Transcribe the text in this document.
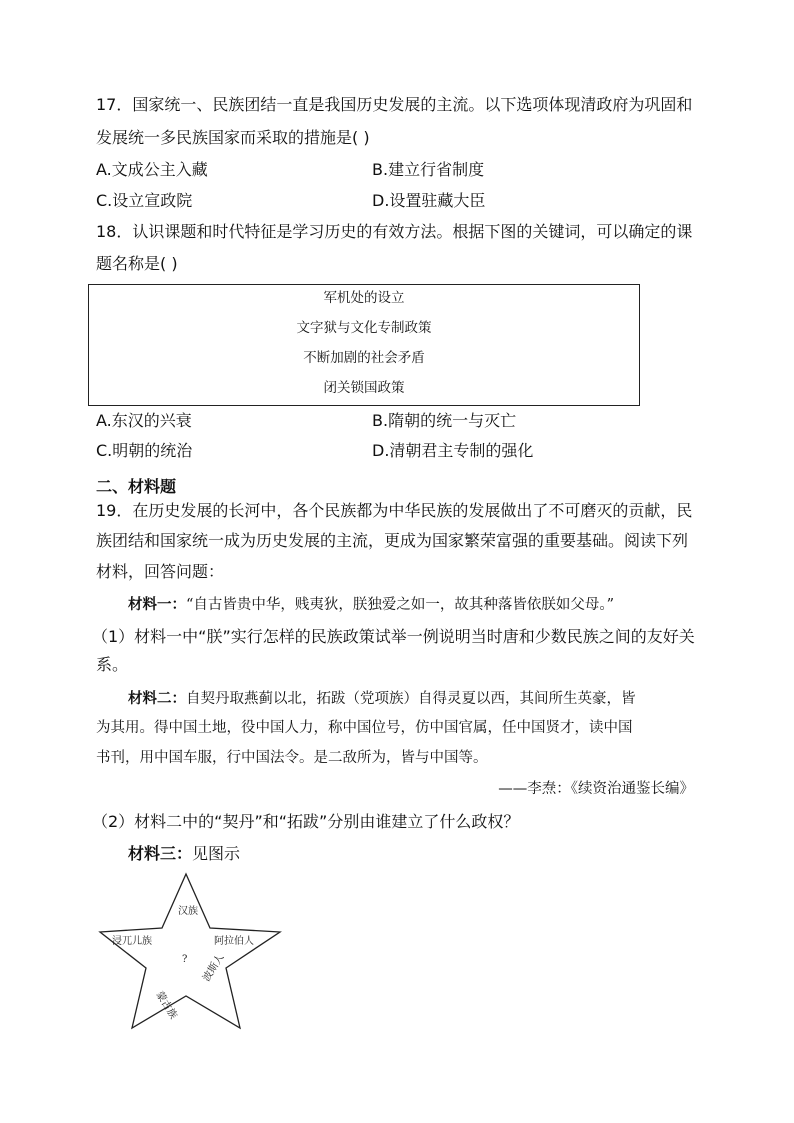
17．国家统一、民族团结一直是我国历史发展的主流。以下选项体现清政府为巩固和
发展统一多民族国家而采取的措施是( )
A.文成公主入藏	B.建立行省制度
C.设立宣政院	D.设置驻藏大臣
18．认识课题和时代特征是学习历史的有效方法。根据下图的关键词，可以确定的课
题名称是( )
军机处的设立
文字狱与文化专制政策
不断加剧的社会矛盾
闭关锁国政策
A.东汉的兴衰	B.隋朝的统一与灭亡
C.明朝的统治	D.清朝君主专制的强化
二、材料题
19．在历史发展的长河中，各个民族都为中华民族的发展做出了不可磨灭的贡献，民
族团结和国家统一成为历史发展的主流，更成为国家繁荣富强的重要基础。阅读下列
材料，回答问题：
材料一：“自古皆贵中华，贱夷狄，朕独爱之如一，故其种落皆依朕如父母。”
（1）材料一中“朕”实行怎样的民族政策试举一例说明当时唐和少数民族之间的友好关
系。
材料二：自契丹取燕蓟以北，拓跋（党项族）自得灵夏以西，其间所生英豪，皆
为其用。得中国土地，役中国人力，称中国位号，仿中国官属，任中国贤才，读中国
书刊，用中国车服，行中国法令。是二敌所为，皆与中国等。
——李焘：《续资治通鉴长编》
（2）材料二中的“契丹”和“拓跋”分别由谁建立了什么政权？
材料三：见图示
汉族
浸兀儿族	阿拉伯人
?
蒙古族
波斯人
